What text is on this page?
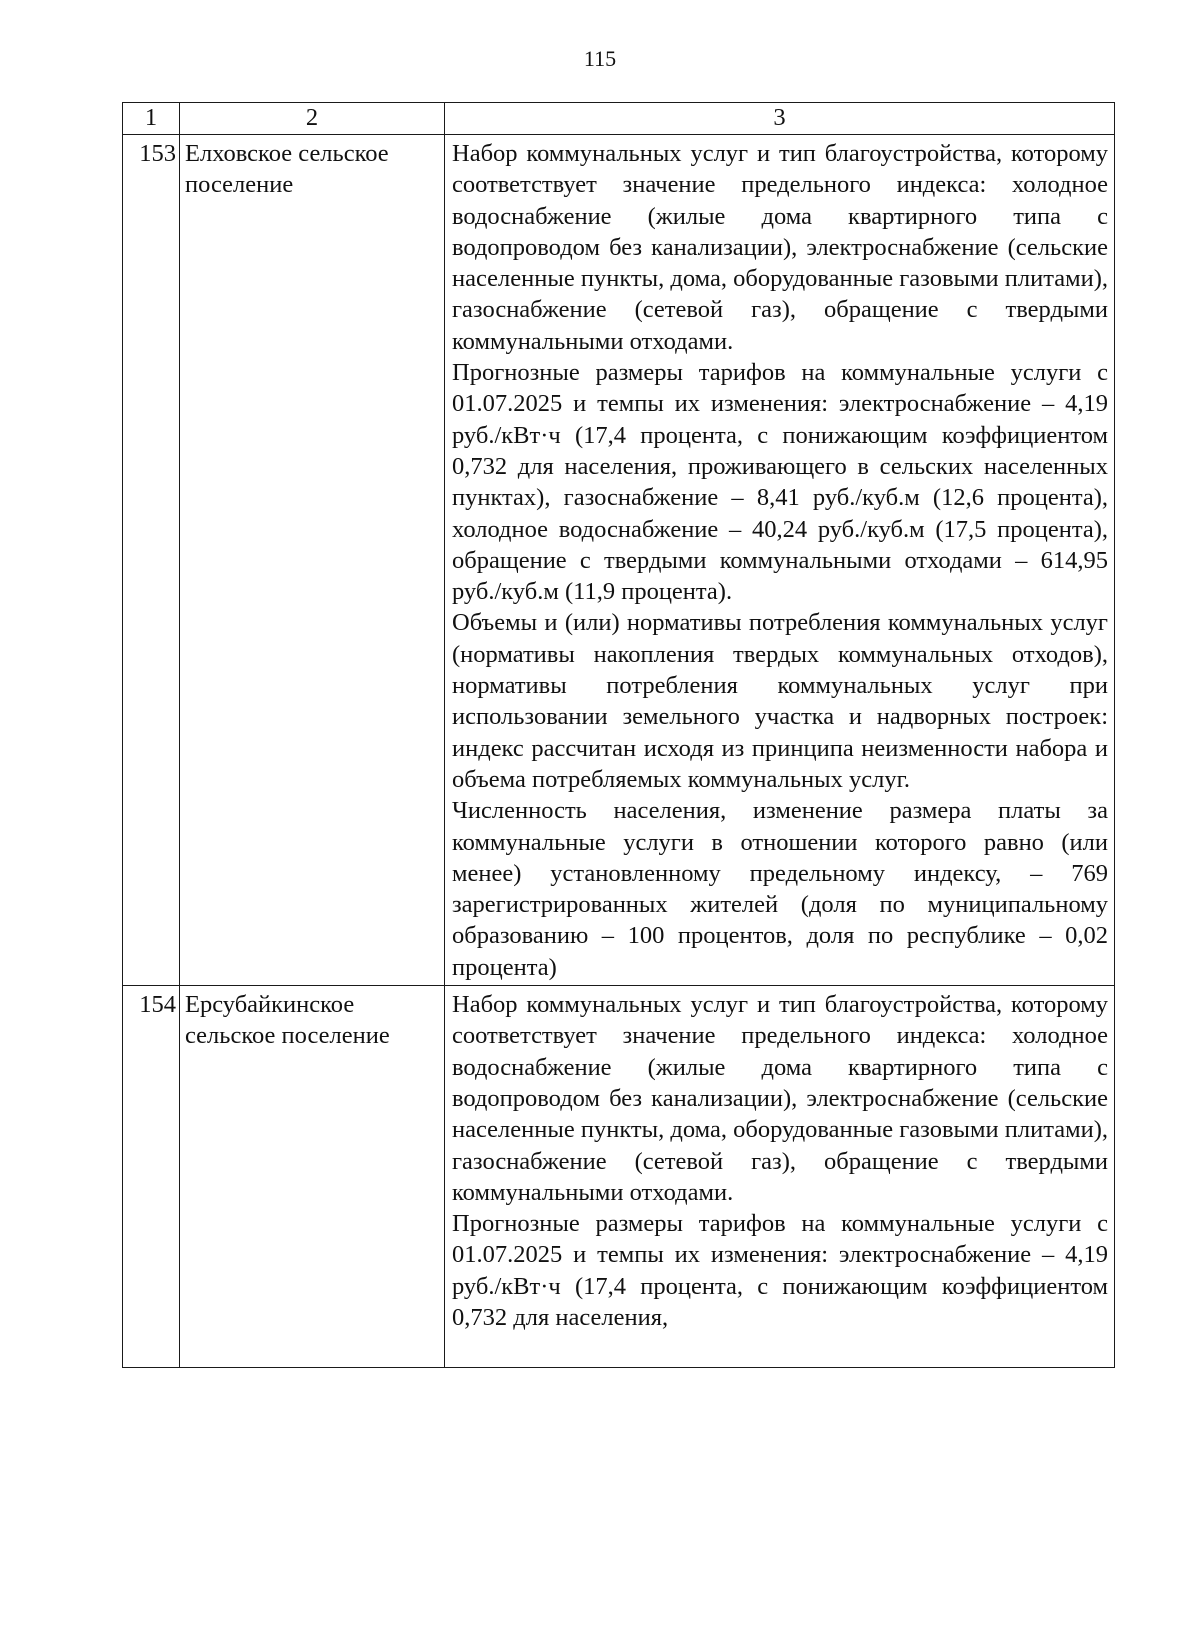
115
1	2	3
153	Елховское сельское поселение	Набор коммунальных услуг и тип благоустройства, которому соответствует значение предельного индекса: холодное водоснабжение (жилые дома квартирного типа с водопроводом без канализации), электроснабжение (сельские населенные пункты, дома, оборудованные газовыми плитами), газоснабжение (сетевой газ), обращение с твердыми коммунальными отходами.

Прогнозные размеры тарифов на коммунальные услуги с 01.07.2025 и темпы их изменения: электроснабжение – 4,19 руб./кВт·ч (17,4 процента, с понижающим коэффициентом 0,732 для населения, проживающего в сельских населенных пунктах), газоснабжение – 8,41 руб./куб.м (12,6 процента), холодное водоснабжение – 40,24 руб./куб.м (17,5 процента), обращение с твердыми коммунальными отходами – 614,95 руб./куб.м (11,9 процента).

Объемы и (или) нормативы потребления коммунальных услуг (нормативы накопления твердых коммунальных отходов), нормативы потребления коммунальных услуг при использовании земельного участка и надворных построек: индекс рассчитан исходя из принципа неизменности набора и объема потребляемых коммунальных услуг.

Численность населения, изменение размера платы за коммунальные услуги в отношении которого равно (или менее) установленному предельному индексу, – 769 зарегистрированных жителей (доля по муниципальному образованию – 100 процентов, доля по республике – 0,02 процента)

154	Ерсубайкинское сельское поселение	Набор коммунальных услуг и тип благоустройства, которому соответствует значение предельного индекса: холодное водоснабжение (жилые дома квартирного типа с водопроводом без канализации), электроснабжение (сельские населенные пункты, дома, оборудованные газовыми плитами), газоснабжение (сетевой газ), обращение с твердыми коммунальными отходами.

Прогнозные размеры тарифов на коммунальные услуги с 01.07.2025 и темпы их изменения: электроснабжение – 4,19 руб./кВт·ч (17,4 процента, с понижающим коэффициентом 0,732 для населения,
